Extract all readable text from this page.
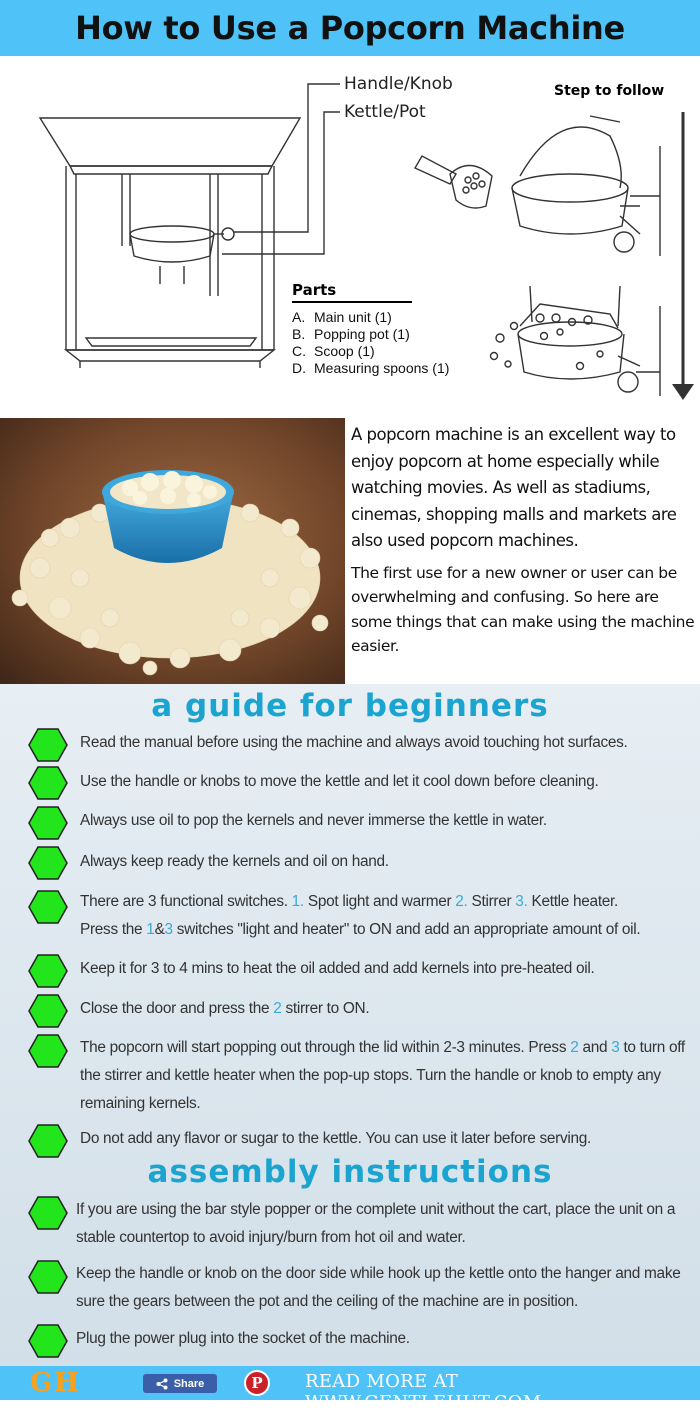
How to Use a Popcorn Machine
Handle/Knob
Kettle/Pot
Step to follow
Parts
A. Main unit (1)
B. Popping pot (1)
C. Scoop (1)
D. Measuring spoons (1)

A popcorn machine is an excellent way to enjoy popcorn at home especially while watching movies. As well as stadiums, cinemas, shopping malls and markets are also used popcorn machines.

The first use for a new owner or user can be overwhelming and confusing. So here are some things that can make using the machine easier.

a guide for beginners
Read the manual before using the machine and always avoid touching hot surfaces.
Use the handle or knobs to move the kettle and let it cool down before cleaning.
Always use oil to pop the kernels and never immerse the kettle in water.
Always keep ready the kernels and oil on hand.
There are 3 functional switches. 1. Spot light and warmer 2. Stirrer 3. Kettle heater.
Press the 1&3 switches "light and heater" to ON and add an appropriate amount of oil.
Keep it for 3 to 4 mins to heat the oil added and add kernels into pre-heated oil.
Close the door and press the 2 stirrer to ON.
The popcorn will start popping out through the lid within 2-3 minutes. Press 2 and 3 to turn off the stirrer and kettle heater when the pop-up stops. Turn the handle or knob to empty any remaining kernels.
Do not add any flavor or sugar to the kettle. You can use it later before serving.
assembly instructions
If you are using the bar style popper or the complete unit without the cart, place the unit on a stable countertop to avoid injury/burn from hot oil and water.
Keep the handle or knob on the door side while hook up the kettle onto the hanger and make sure the gears between the pot and the ceiling of the machine are in position.
Plug the power plug into the socket of the machine.
GH	Share	P READ MORE AT WWW.GENTLEHUT.COM
